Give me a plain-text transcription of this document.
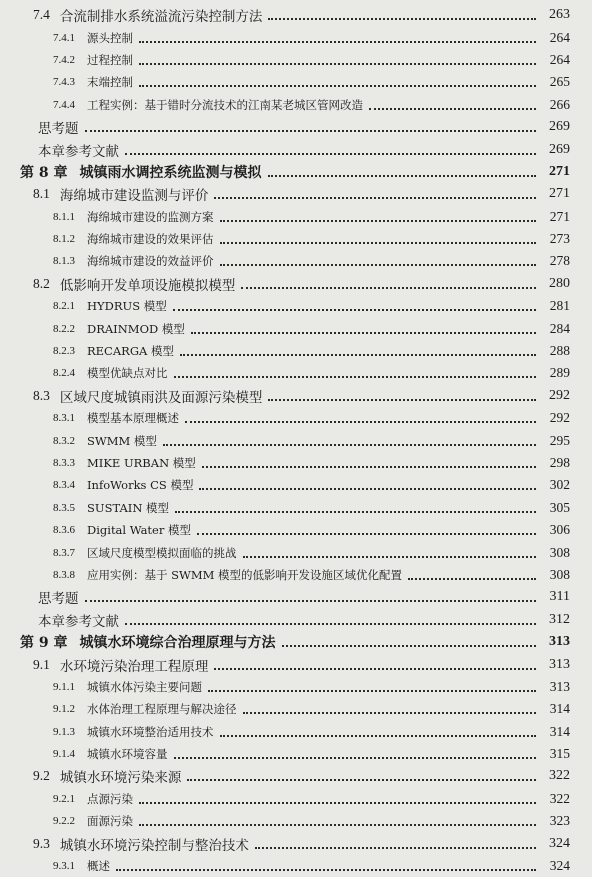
7.4 合流制排水系统溢流污染控制方法	263
7.4.1 源头控制	264
7.4.2 过程控制	264
7.4.3 末端控制	265
7.4.4 工程实例：基于错时分流技术的江南某老城区管网改造	266
思考题	269
本章参考文献	269
第 8 章 城镇雨水调控系统监测与模拟	271
8.1 海绵城市建设监测与评价	271
8.1.1 海绵城市建设的监测方案	271
8.1.2 海绵城市建设的效果评估	273
8.1.3 海绵城市建设的效益评价	278
8.2 低影响开发单项设施模拟模型	280
8.2.1 HYDRUS 模型	281
8.2.2 DRAINMOD 模型	284
8.2.3 RECARGA 模型	288
8.2.4 模型优缺点对比	289
8.3 区域尺度城镇雨洪及面源污染模型	292
8.3.1 模型基本原理概述	292
8.3.2 SWMM 模型	295
8.3.3 MIKE URBAN 模型	298
8.3.4 InfoWorks CS 模型	302
8.3.5 SUSTAIN 模型	305
8.3.6 Digital Water 模型	306
8.3.7 区域尺度模型模拟面临的挑战	308
8.3.8 应用实例：基于 SWMM 模型的低影响开发设施区域优化配置	308
思考题	311
本章参考文献	312
第 9 章 城镇水环境综合治理原理与方法	313
9.1 水环境污染治理工程原理	313
9.1.1 城镇水体污染主要问题	313
9.1.2 水体治理工程原理与解决途径	314
9.1.3 城镇水环境整治适用技术	314
9.1.4 城镇水环境容量	315
9.2 城镇水环境污染来源	322
9.2.1 点源污染	322
9.2.2 面源污染	323
9.3 城镇水环境污染控制与整治技术	324
9.3.1 概述	324
